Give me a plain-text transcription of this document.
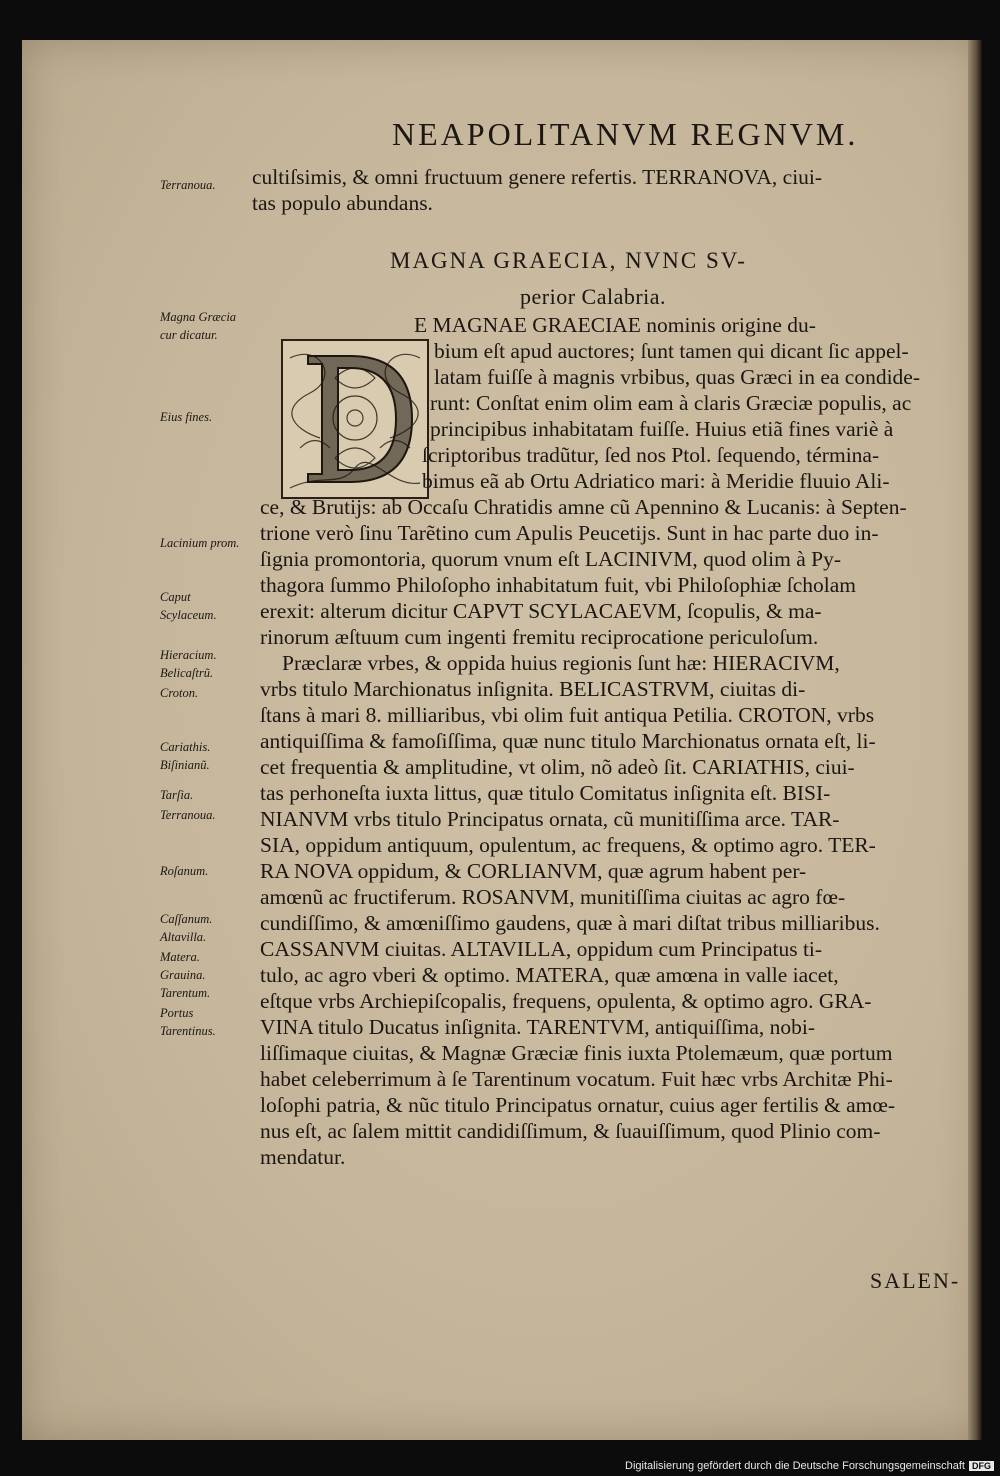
NEAPOLITANVM REGNVM.
Terranoua.	cultiſsimis, & omni fructuum genere refertis. TERRANOVA, ciui-
tas populo abundans.
MAGNA GRAECIA, NVNC SV-
perior Calabria.
E MAGNAE GRAECIAE nominis origine du-
bium eſt apud auctores; ſunt tamen qui dicant ſic appel-
latam fuiſſe à magnis vrbibus, quas Græci in ea condide-
runt: Conſtat enim olim eam à claris Græciæ populis, ac
principibus inhabitatam fuiſſe. Huius etiã fines variè à
ſcriptoribus tradũtur, ſed nos Ptol. ſequendo, términa-
bimus eã ab Ortu Adriatico mari: à Meridie fluuio Ali-
ce, & Brutijs: ab Occaſu Chratidis amne cũ Apennino & Lucanis: à Septen-
trione verò ſinu Tarẽtino cum Apulis Peucetijs. Sunt in hac parte duo in-
ſignia promontoria, quorum vnum eſt LACINIVM, quod olim à Py-
thagora ſummo Philoſopho inhabitatum fuit, vbi Philoſophiæ ſcholam
erexit: alterum dicitur CAPVT SCYLACAEVM, ſcopulis, & ma-
rinorum æſtuum cum ingenti fremitu reciprocatione periculoſum.
Præclaræ vrbes, & oppida huius regionis ſunt hæ: HIERACIVM,
vrbs titulo Marchionatus inſignita. BELICASTRVM, ciuitas di-
ſtans à mari 8. milliaribus, vbi olim fuit antiqua Petilia. CROTON, vrbs
antiquiſſima & famoſiſſima, quæ nunc titulo Marchionatus ornata eſt, li-
cet frequentia & amplitudine, vt olim, nõ adeò ſit. CARIATHIS, ciui-
tas perhoneſta iuxta littus, quæ titulo Comitatus inſignita eſt. BISI-
NIANVM vrbs titulo Principatus ornata, cũ munitiſſima arce. TAR-
SIA, oppidum antiquum, opulentum, ac frequens, & optimo agro. TER-
RA NOVA oppidum, & CORLIANVM, quæ agrum habent per-
amœnũ ac fructiferum. ROSANVM, munitiſſima ciuitas ac agro fœ-
cundiſſimo, & amœniſſimo gaudens, quæ à mari diſtat tribus milliaribus.
CASSANVM ciuitas. ALTAVILLA, oppidum cum Principatus ti-
tulo, ac agro vberi & optimo. MATERA, quæ amœna in valle iacet,
eſtque vrbs Archiepiſcopalis, frequens, opulenta, & optimo agro. GRA-
VINA titulo Ducatus inſignita. TARENTVM, antiquiſſima, nobi-
liſſimaque ciuitas, & Magnæ Græciæ finis iuxta Ptolemæum, quæ portum
habet celeberrimum à ſe Tarentinum vocatum. Fuit hæc vrbs Architæ Phi-
loſophi patria, & nũc titulo Principatus ornatur, cuius ager fertilis & amœ-
nus eſt, ac ſalem mittit candidiſſimum, & ſuauiſſimum, quod Plinio com-
mendatur.
Magna Græcia cur dicatur.
Eius fines.
Lacinium prom.
Caput Scylaceum.
Hieracium.
Belicaſtrũ.
Croton.
Cariathis.
Biſinianũ.
Tarſia.
Terranoua.
Roſanum.
Caſſanum.
Altavilla.
Matera.
Grauina.
Tarentum.
Portus Tarentinus.
SALEN-
Digitalisierung gefördert durch die Deutsche Forschungsgemeinschaft DFG
